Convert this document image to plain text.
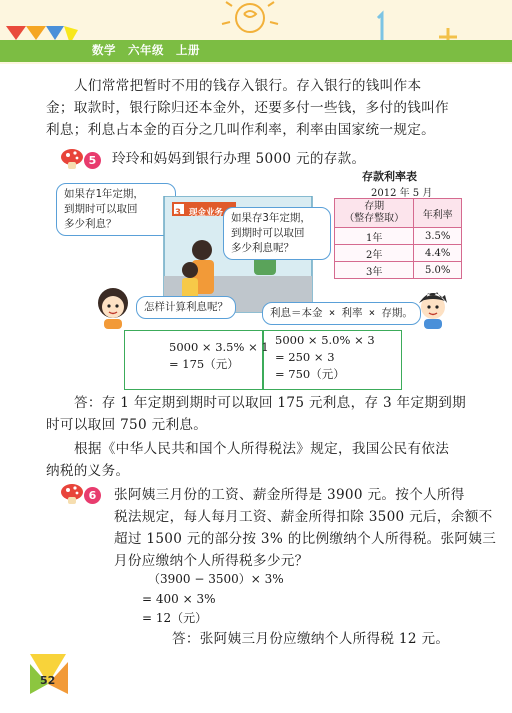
数学 六年级 上册
人们常常把暂时不用的钱存入银行。存入银行的钱叫作本
金；取款时，银行除归还本金外，还要多付一些钱，多付的钱叫作
利息；利息占本金的百分之几叫作利率，利率由国家统一规定。
5	玲玲和妈妈到银行办理 5000 元的存款。
如果存1年定期，
到期时可以取回
多少利息？
3 现金业务 如果存3年定期，
到期时可以取回
多少利息呢？
存款利率表
2012 年 5 月
存期
（整存整取）	年利率
1年	3.5%
2年	4.4%
3年	5.0%
怎样计算利息呢？	利息＝本金 × 利率 × 存期。
5000 × 3.5% × 1
= 175（元）
5000 × 5.0% × 3
= 250 × 3
= 750（元）
答：存 1 年定期到期时可以取回 175 元利息，存 3 年定期到期
时可以取回 750 元利息。
根据《中华人民共和国个人所得税法》规定，我国公民有依法
纳税的义务。
6	张阿姨三月份的工资、薪金所得是 3900 元。按个人所得
税法规定，每人每月工资、薪金所得扣除 3500 元后，余额不
超过 1500 元的部分按 3% 的比例缴纳个人所得税。张阿姨三
月份应缴纳个人所得税多少元？
（3900 − 3500）× 3%
= 400 × 3%
= 12（元）
答：张阿姨三月份应缴纳个人所得税 12 元。
52
